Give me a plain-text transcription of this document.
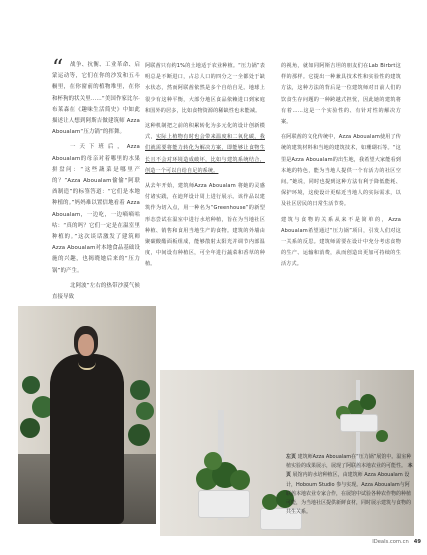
“	战争、抗衡、工业革命、启蒙运动等，它们在你的沙发和五斗橱里，在你窗前的植物堆里，在你和杯狗的状关里……“美国作家比尔·布莱森在《趣味生活简史》中如此描述让人想到阿斯吉做建筑师 Azza Aboualam“压力锅”的挥舞。

一天下班后，Azza Aboualam的母亲对着哪里的水果拼盘问：“这些蔬菜是哪里产的？”Azza Aboualam偷偷“阿联酋制造”的标签答道：“它们是本地种植的。”妈妈难以置信地看着 Azza Aboualam，一边吃，一边嘀嘀咕咕：“真的吗？它们一定是在温室里种植的。”这次谈话激发了建筑师 Azza Aboualam对本地食品基础设施的兴趣，也揭晓她后来的“压力锅”的产生。

北阿波”左右的热带沙漠气候直接导致

阿联酋只有约1%的土地适于农业种植。“压力锅”表明总是不断进口，占总人口的四分之一全都处于缺水状态，然而阿联酋依然是多个自给自足。地球上很少有这种平衡，大部分地区食品依赖进口到家庭和国外的居多，比如食物资源的稀缺性也未能减。

这种机制把之前的积累转化为多元化的设计创新模式，实际上植物有时也会带来温度和二氧化碳，我们就需要将能力转化为解决方案，即能够让食物生长且不会对环境造成破坏，比如与建筑系统结合，创造一个可以自给自足的系统。

从去年开始，建筑师Azza Aboualam 将她的灵感付诸实践，在迪拜设计周上进行展示。该作品以建筑作为切入点，用一种名为“Greenhouse”的新型形态尝试在温室中进行水培种植，旨在为当地社区种植、销售和食用当地生产的食物。建筑的外墙由聚碳酸酯面板组成，能够散射太阳光并调节内部温度，中间设有种植区，可全年进行蔬菜和香草的种植。

的视角，就如同阿斯吉坦的朋友们在Lab Birbrt这样的那样。它提出一种兼具技术性和实验性的建筑方法，这种方法的背后是一位建筑师对日前人们的饮食生存问题的一种跨越式担忧，因此她的建筑将有着……这是一个实验性的、有针对性的解决方案。

在阿联酋的文化传统中，Azza Aboualam使用了传统的建筑材料和当地的建筑技术，如珊瑚石等。“这里是Azza Aboualam的出生地，我希望大家能看到本地的特色，能为当地人提供一个有活力的社区空间。”她说，同时也提到这种方法有利于降低能耗、保护环境，这使设计更贴近当地人的实际需求，以及社区居民的日常生活节奏。

建筑与食物的关系从来不是简单的，Azza Aboualam希望通过“压力锅”项目，引发人们对这一关系的反思。建筑师需要在设计中充分考虑食物的生产、运输和消费，从而创造出更加可持续的生活方式。

左页 建筑师Azza Aboualam在“压力锅”展馆中。温室种植实验的成果展示，展现了阿联酋本地农业的可能性。 本页 展馆内的水培种植区，由建筑师 Azza Aboualam 设计，Hoboum Studio 参与实现。Azza Aboualam与阿联酋本地农业专家合作，在展馆中试验各种农作物的种植可能，为当地社区提供新鲜食材，同时展示建筑与食物的共生关系。
IDeals.com.cn 49
